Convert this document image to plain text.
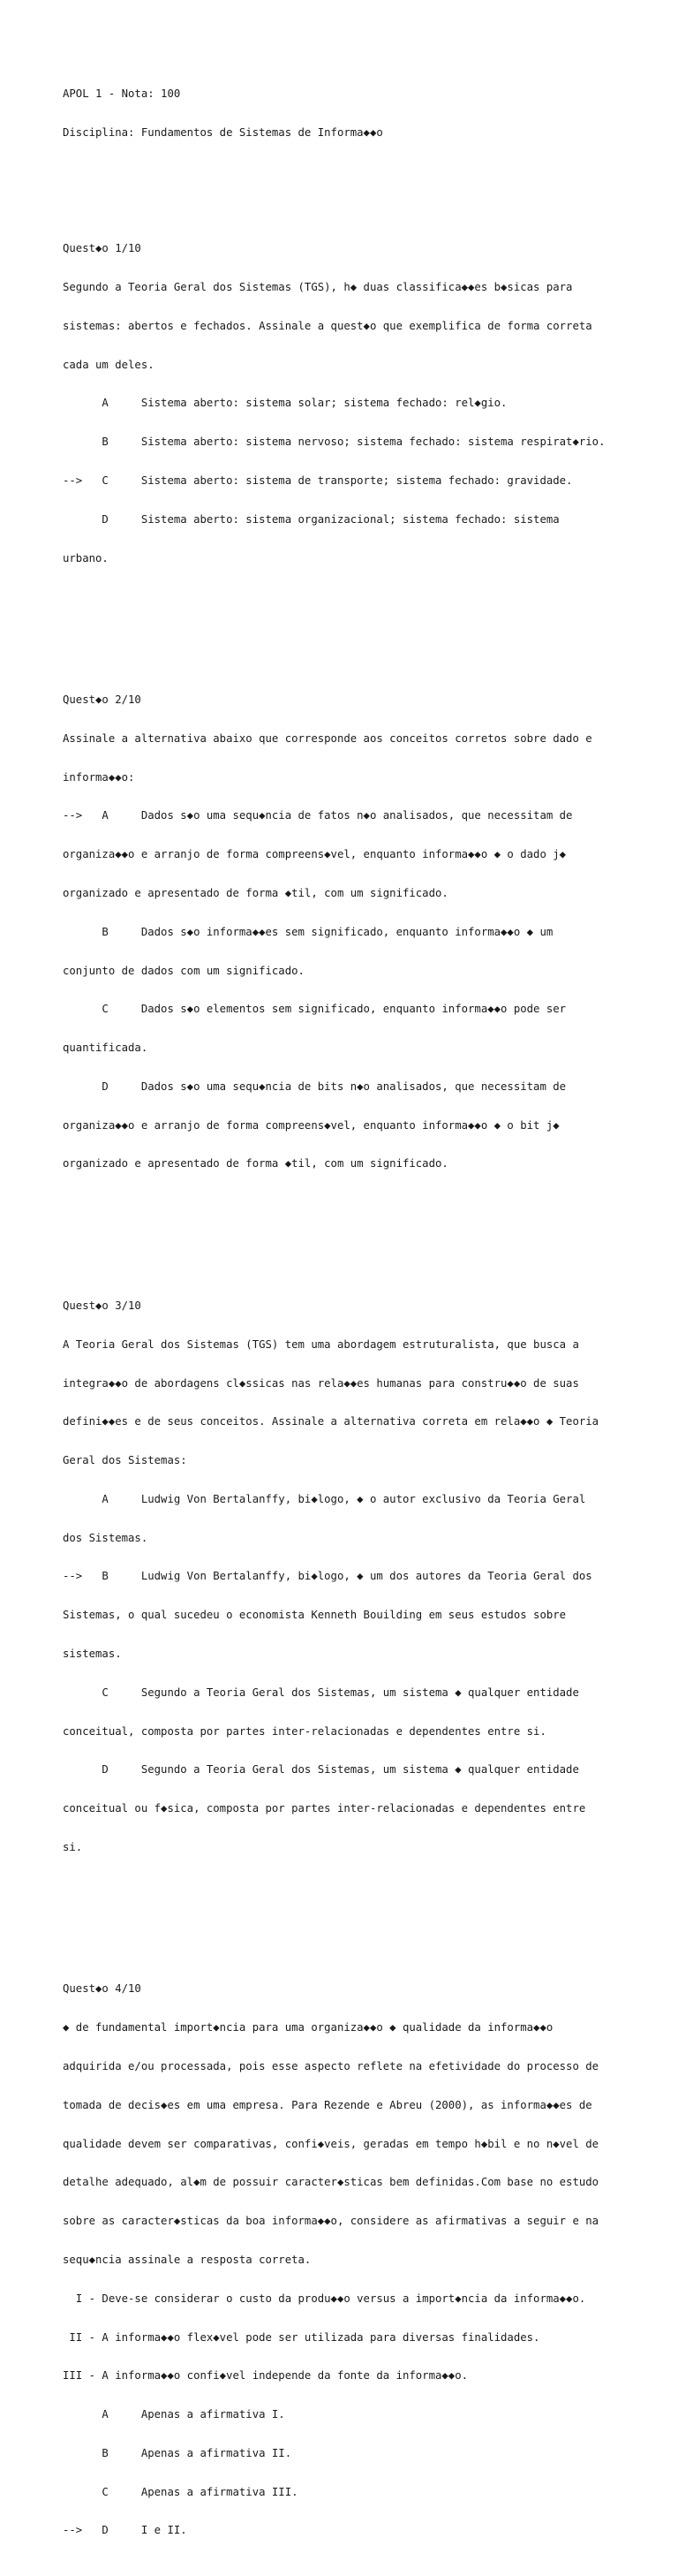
APOL 1 - Nota: 100

Disciplina: Fundamentos de Sistemas de Informa◆◆o

Quest◆o 1/10

Segundo a Teoria Geral dos Sistemas (TGS), h◆ duas classifica◆◆es b◆sicas para

sistemas: abertos e fechados. Assinale a quest◆o que exemplifica de forma correta

cada um deles.

A     Sistema aberto: sistema solar; sistema fechado: rel◆gio.

B     Sistema aberto: sistema nervoso; sistema fechado: sistema respirat◆rio.

-->   C     Sistema aberto: sistema de transporte; sistema fechado: gravidade.

D     Sistema aberto: sistema organizacional; sistema fechado: sistema

urbano.

Quest◆o 2/10

Assinale a alternativa abaixo que corresponde aos conceitos corretos sobre dado e

informa◆◆o:

-->   A     Dados s◆o uma sequ◆ncia de fatos n◆o analisados, que necessitam de

organiza◆◆o e arranjo de forma compreens◆vel, enquanto informa◆◆o ◆ o dado j◆

organizado e apresentado de forma ◆til, com um significado.

B     Dados s◆o informa◆◆es sem significado, enquanto informa◆◆o ◆ um

conjunto de dados com um significado.

C     Dados s◆o elementos sem significado, enquanto informa◆◆o pode ser

quantificada.

D     Dados s◆o uma sequ◆ncia de bits n◆o analisados, que necessitam de

organiza◆◆o e arranjo de forma compreens◆vel, enquanto informa◆◆o ◆ o bit j◆

organizado e apresentado de forma ◆til, com um significado.

Quest◆o 3/10

A Teoria Geral dos Sistemas (TGS) tem uma abordagem estruturalista, que busca a

integra◆◆o de abordagens cl◆ssicas nas rela◆◆es humanas para constru◆◆o de suas

defini◆◆es e de seus conceitos. Assinale a alternativa correta em rela◆◆o ◆ Teoria

Geral dos Sistemas:

A     Ludwig Von Bertalanffy, bi◆logo, ◆ o autor exclusivo da Teoria Geral

dos Sistemas.

-->   B     Ludwig Von Bertalanffy, bi◆logo, ◆ um dos autores da Teoria Geral dos

Sistemas, o qual sucedeu o economista Kenneth Bouilding em seus estudos sobre

sistemas.

C     Segundo a Teoria Geral dos Sistemas, um sistema ◆ qualquer entidade

conceitual, composta por partes inter-relacionadas e dependentes entre si.

D     Segundo a Teoria Geral dos Sistemas, um sistema ◆ qualquer entidade

conceitual ou f◆sica, composta por partes inter-relacionadas e dependentes entre

si.

Quest◆o 4/10

◆ de fundamental import◆ncia para uma organiza◆◆o ◆ qualidade da informa◆◆o

adquirida e/ou processada, pois esse aspecto reflete na efetividade do processo de

tomada de decis◆es em uma empresa. Para Rezende e Abreu (2000), as informa◆◆es de

qualidade devem ser comparativas, confi◆veis, geradas em tempo h◆bil e no n◆vel de

detalhe adequado, al◆m de possuir caracter◆sticas bem definidas.Com base no estudo

sobre as caracter◆sticas da boa informa◆◆o, considere as afirmativas a seguir e na

sequ◆ncia assinale a resposta correta.

I - Deve-se considerar o custo da produ◆◆o versus a import◆ncia da informa◆◆o.

II - A informa◆◆o flex◆vel pode ser utilizada para diversas finalidades.

III - A informa◆◆o confi◆vel independe da fonte da informa◆◆o.

A     Apenas a afirmativa I.

B     Apenas a afirmativa II.

C     Apenas a afirmativa III.

-->   D     I e II.
